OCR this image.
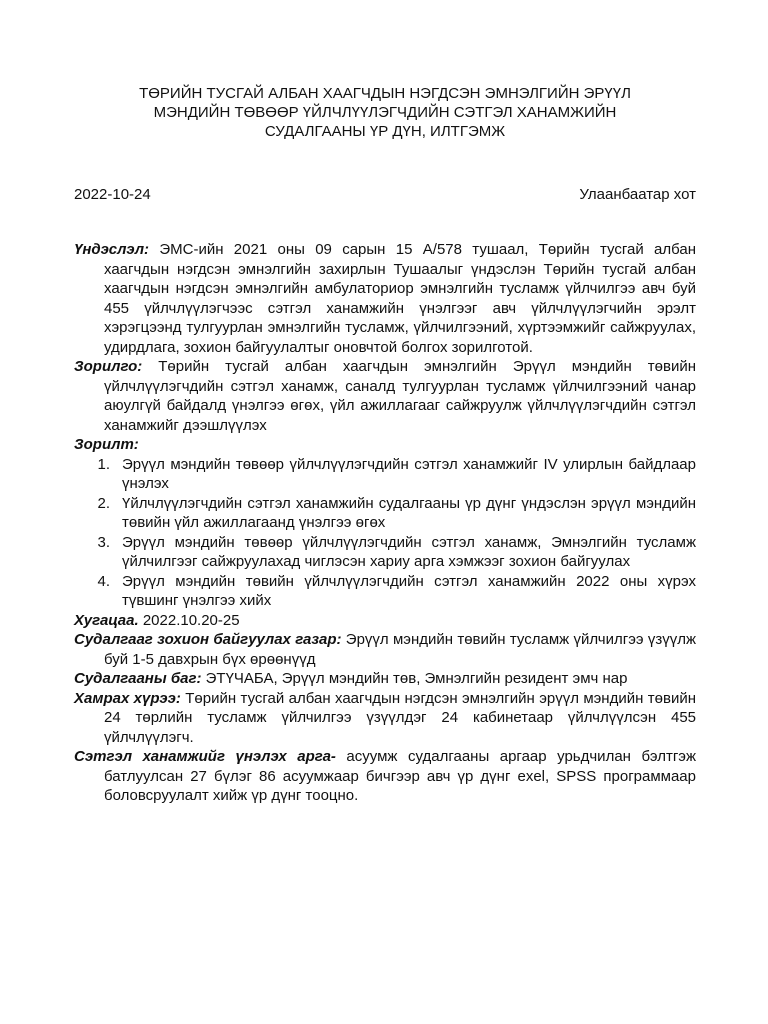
ТӨРИЙН ТУСГАЙ АЛБАН ХААГЧДЫН НЭГДСЭН ЭМНЭЛГИЙН ЭРҮҮЛ
МЭНДИЙН ТӨВӨӨР ҮЙЛЧЛҮҮЛЭГЧДИЙН СЭТГЭЛ ХАНАМЖИЙН
СУДАЛГААНЫ ҮР ДҮН, ИЛТГЭМЖ
2022-10-24	Улаанбаатар хот

Үндэслэл: ЭМС-ийн 2021 оны 09 сарын 15 А/578 тушаал, Төрийн тусгай албан хаагчдын нэгдсэн эмнэлгийн захирлын Тушаалыг үндэслэн Төрийн тусгай албан хаагчдын нэгдсэн эмнэлгийн амбулаториор эмнэлгийн тусламж үйлчилгээ авч буй 455 үйлчлүүлэгчээс сэтгэл ханамжийн үнэлгээг авч үйлчлүүлэгчийн эрэлт хэрэгцээнд тулгуурлан эмнэлгийн тусламж, үйлчилгээний, хүртээмжийг сайжруулах, удирдлага, зохион байгуулалтыг оновчтой болгох зорилготой.

Зорилго: Төрийн тусгай албан хаагчдын эмнэлгийн Эрүүл мэндийн төвийн үйлчлүүлэгчдийн сэтгэл ханамж, саналд тулгуурлан тусламж үйлчилгээний чанар аюулгүй байдалд үнэлгээ өгөх, үйл ажиллагааг сайжруулж үйлчлүүлэгчдийн сэтгэл ханамжийг дээшлүүлэх

Зорилт:

1. Эрүүл мэндийн төвөөр үйлчлүүлэгчдийн сэтгэл ханамжийг IV улирлын байдлаар үнэлэх
2. Үйлчлүүлэгчдийн сэтгэл ханамжийн судалгааны үр дүнг үндэслэн эрүүл мэндийн төвийн үйл ажиллагаанд үнэлгээ өгөх
3. Эрүүл мэндийн төвөөр үйлчлүүлэгчдийн сэтгэл ханамж, Эмнэлгийн тусламж үйлчилгээг сайжруулахад чиглэсэн хариу арга хэмжээг зохион байгуулах
4. Эрүүл мэндийн төвийн үйлчлүүлэгчдийн сэтгэл ханамжийн 2022 оны хүрэх түвшинг үнэлгээ хийх

Хугацаа. 2022.10.20-25

Судалгааг зохион байгуулах газар: Эрүүл мэндийн төвийн тусламж үйлчилгээ үзүүлж буй 1-5 давхрын бүх өрөөнүүд

Судалгааны баг: ЭТҮЧАБА, Эрүүл мэндийн төв, Эмнэлгийн резидент эмч нар

Хамрах хүрээ: Төрийн тусгай албан хаагчдын нэгдсэн эмнэлгийн эрүүл мэндийн төвийн 24 төрлийн тусламж үйлчилгээ үзүүлдэг 24 кабинетаар үйлчлүүлсэн 455 үйлчлүүлэгч.

Сэтгэл ханамжийг үнэлэх арга- асуумж судалгааны аргаар урьдчилан бэлтгэж батлуулсан 27 бүлэг 86 асуумжаар бичгээр авч үр дүнг exel, SPSS программаар боловсруулалт хийж үр дүнг тооцно.
